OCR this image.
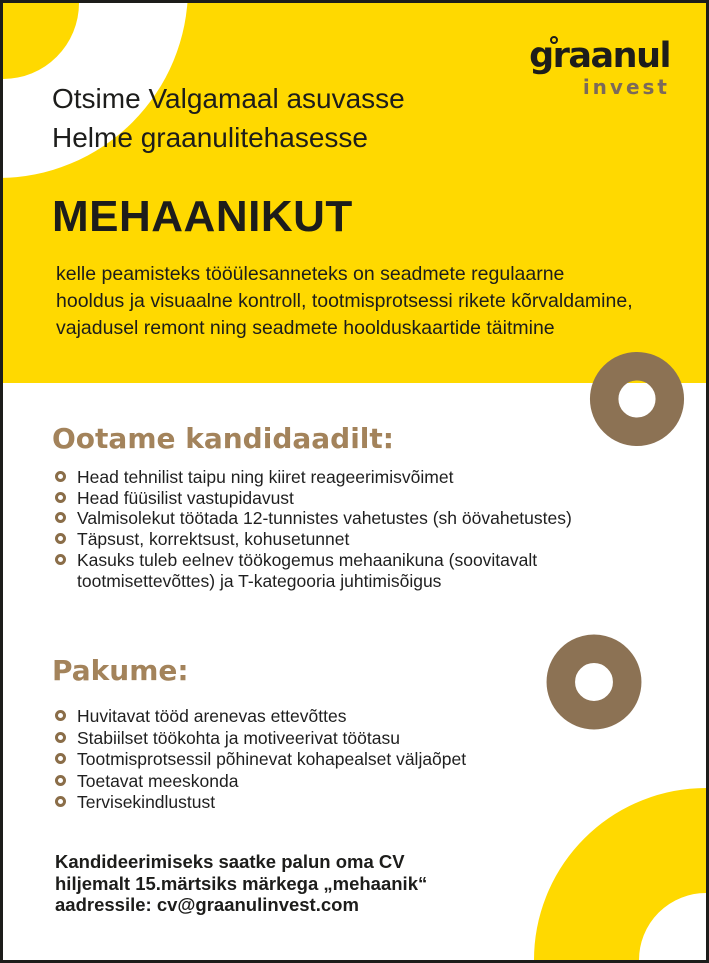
graanul
invest
Otsime Valgamaal asuvasse
Helme graanulitehasesse
MEHAANIKUT
kelle peamisteks tööülesanneteks on seadmete regulaarne
hooldus ja visuaalne kontroll, tootmisprotsessi rikete kõrvaldamine,
vajadusel remont ning seadmete hoolduskaartide täitmine
Ootame kandidaadilt:
Head tehnilist taipu ning kiiret reageerimisvõimet
Head füüsilist vastupidavust
Valmisolekut töötada 12-tunnistes vahetustes (sh öövahetustes)
Täpsust, korrektsust, kohusetunnet
Kasuks tuleb eelnev töökogemus mehaanikuna (soovitavalt tootmisettevõttes) ja T-kategooria juhtimisõigus
Pakume:
Huvitavat tööd arenevas ettevõttes
Stabiilset töökohta ja motiveerivat töötasu
Tootmisprotsessil põhinevat kohapealset väljaõpet
Toetavat meeskonda
Tervisekindlustust
Kandideerimiseks saatke palun oma CV
hiljemalt 15.märtsiks märkega „mehaanik“
aadressile: cv@graanulinvest.com
